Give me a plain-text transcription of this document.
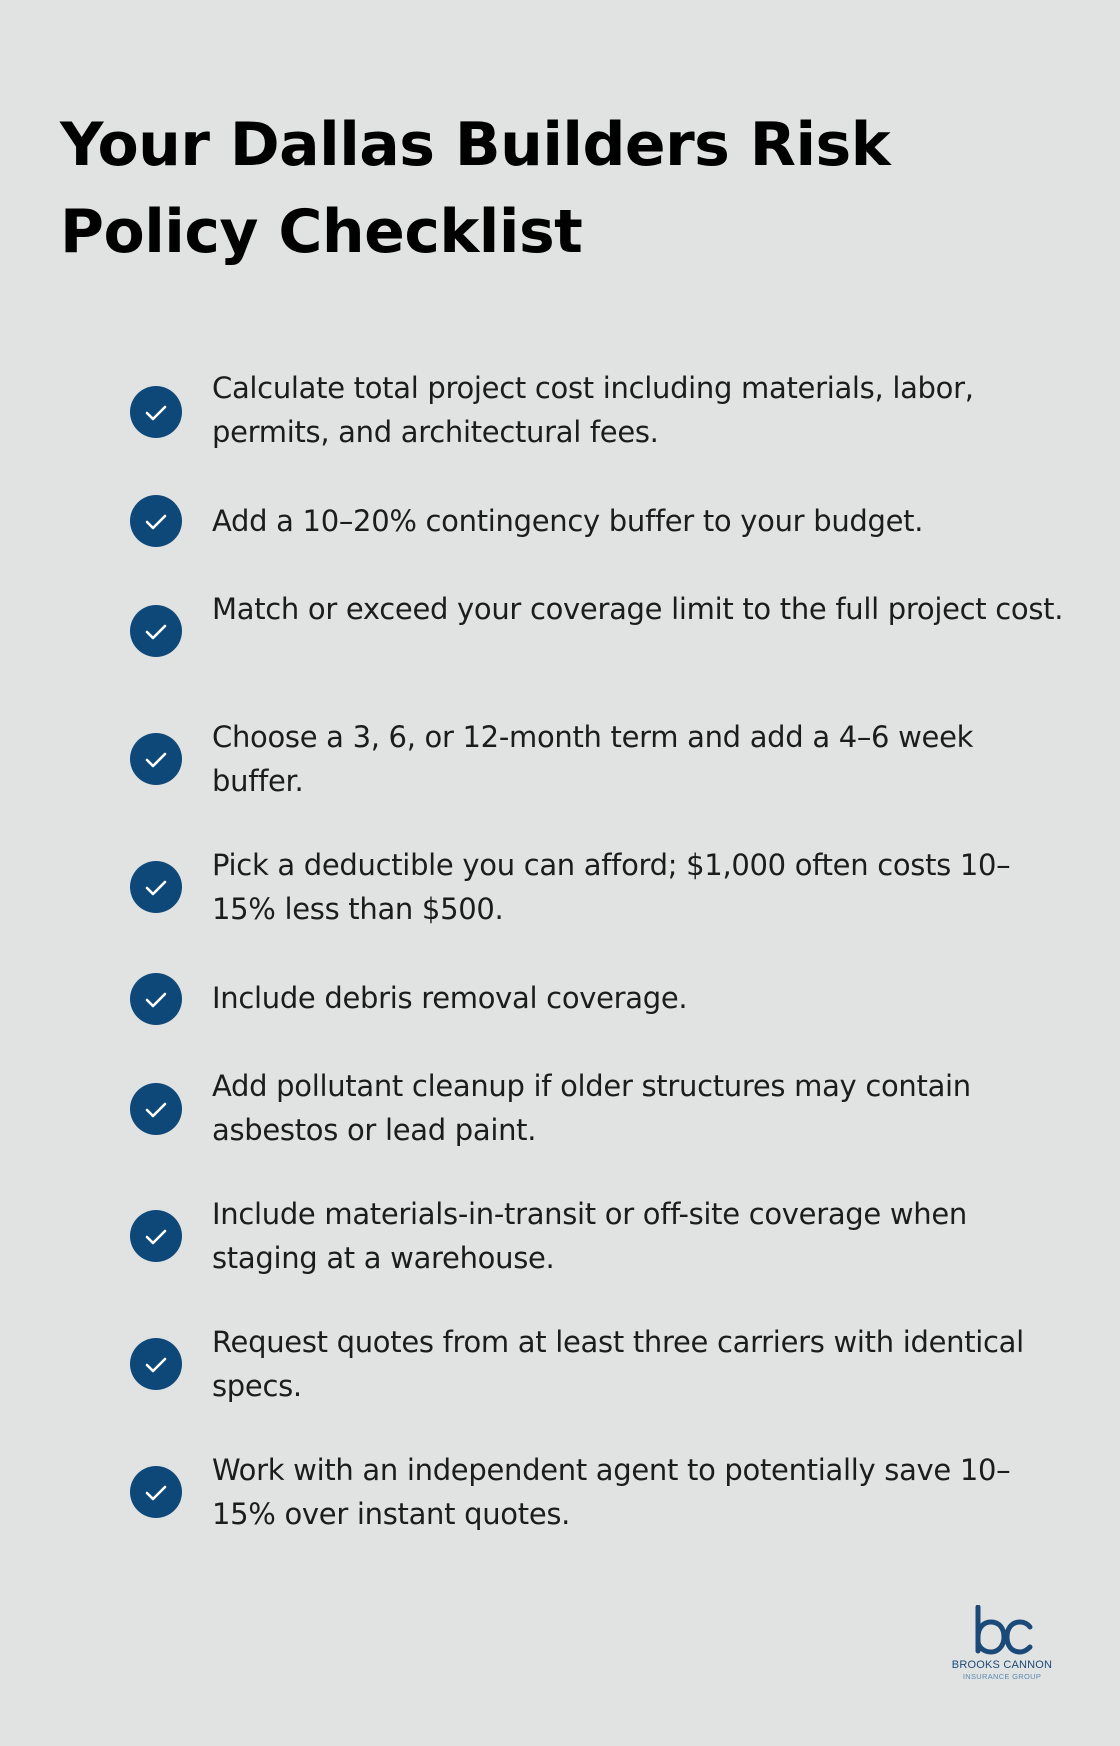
Your Dallas Builders Risk Policy Checklist
Calculate total project cost including materials, labor, permits, and architectural fees.
Add a 10–20% contingency buffer to your budget.
Match or exceed your coverage limit to the full project cost.
Choose a 3, 6, or 12-month term and add a 4–6 week buffer.
Pick a deductible you can afford; $1,000 often costs 10–15% less than $500.
Include debris removal coverage.
Add pollutant cleanup if older structures may contain asbestos or lead paint.
Include materials-in-transit or off-site coverage when staging at a warehouse.
Request quotes from at least three carriers with identical specs.
Work with an independent agent to potentially save 10–15% over instant quotes.
BROOKS CANNON
INSURANCE GROUP
